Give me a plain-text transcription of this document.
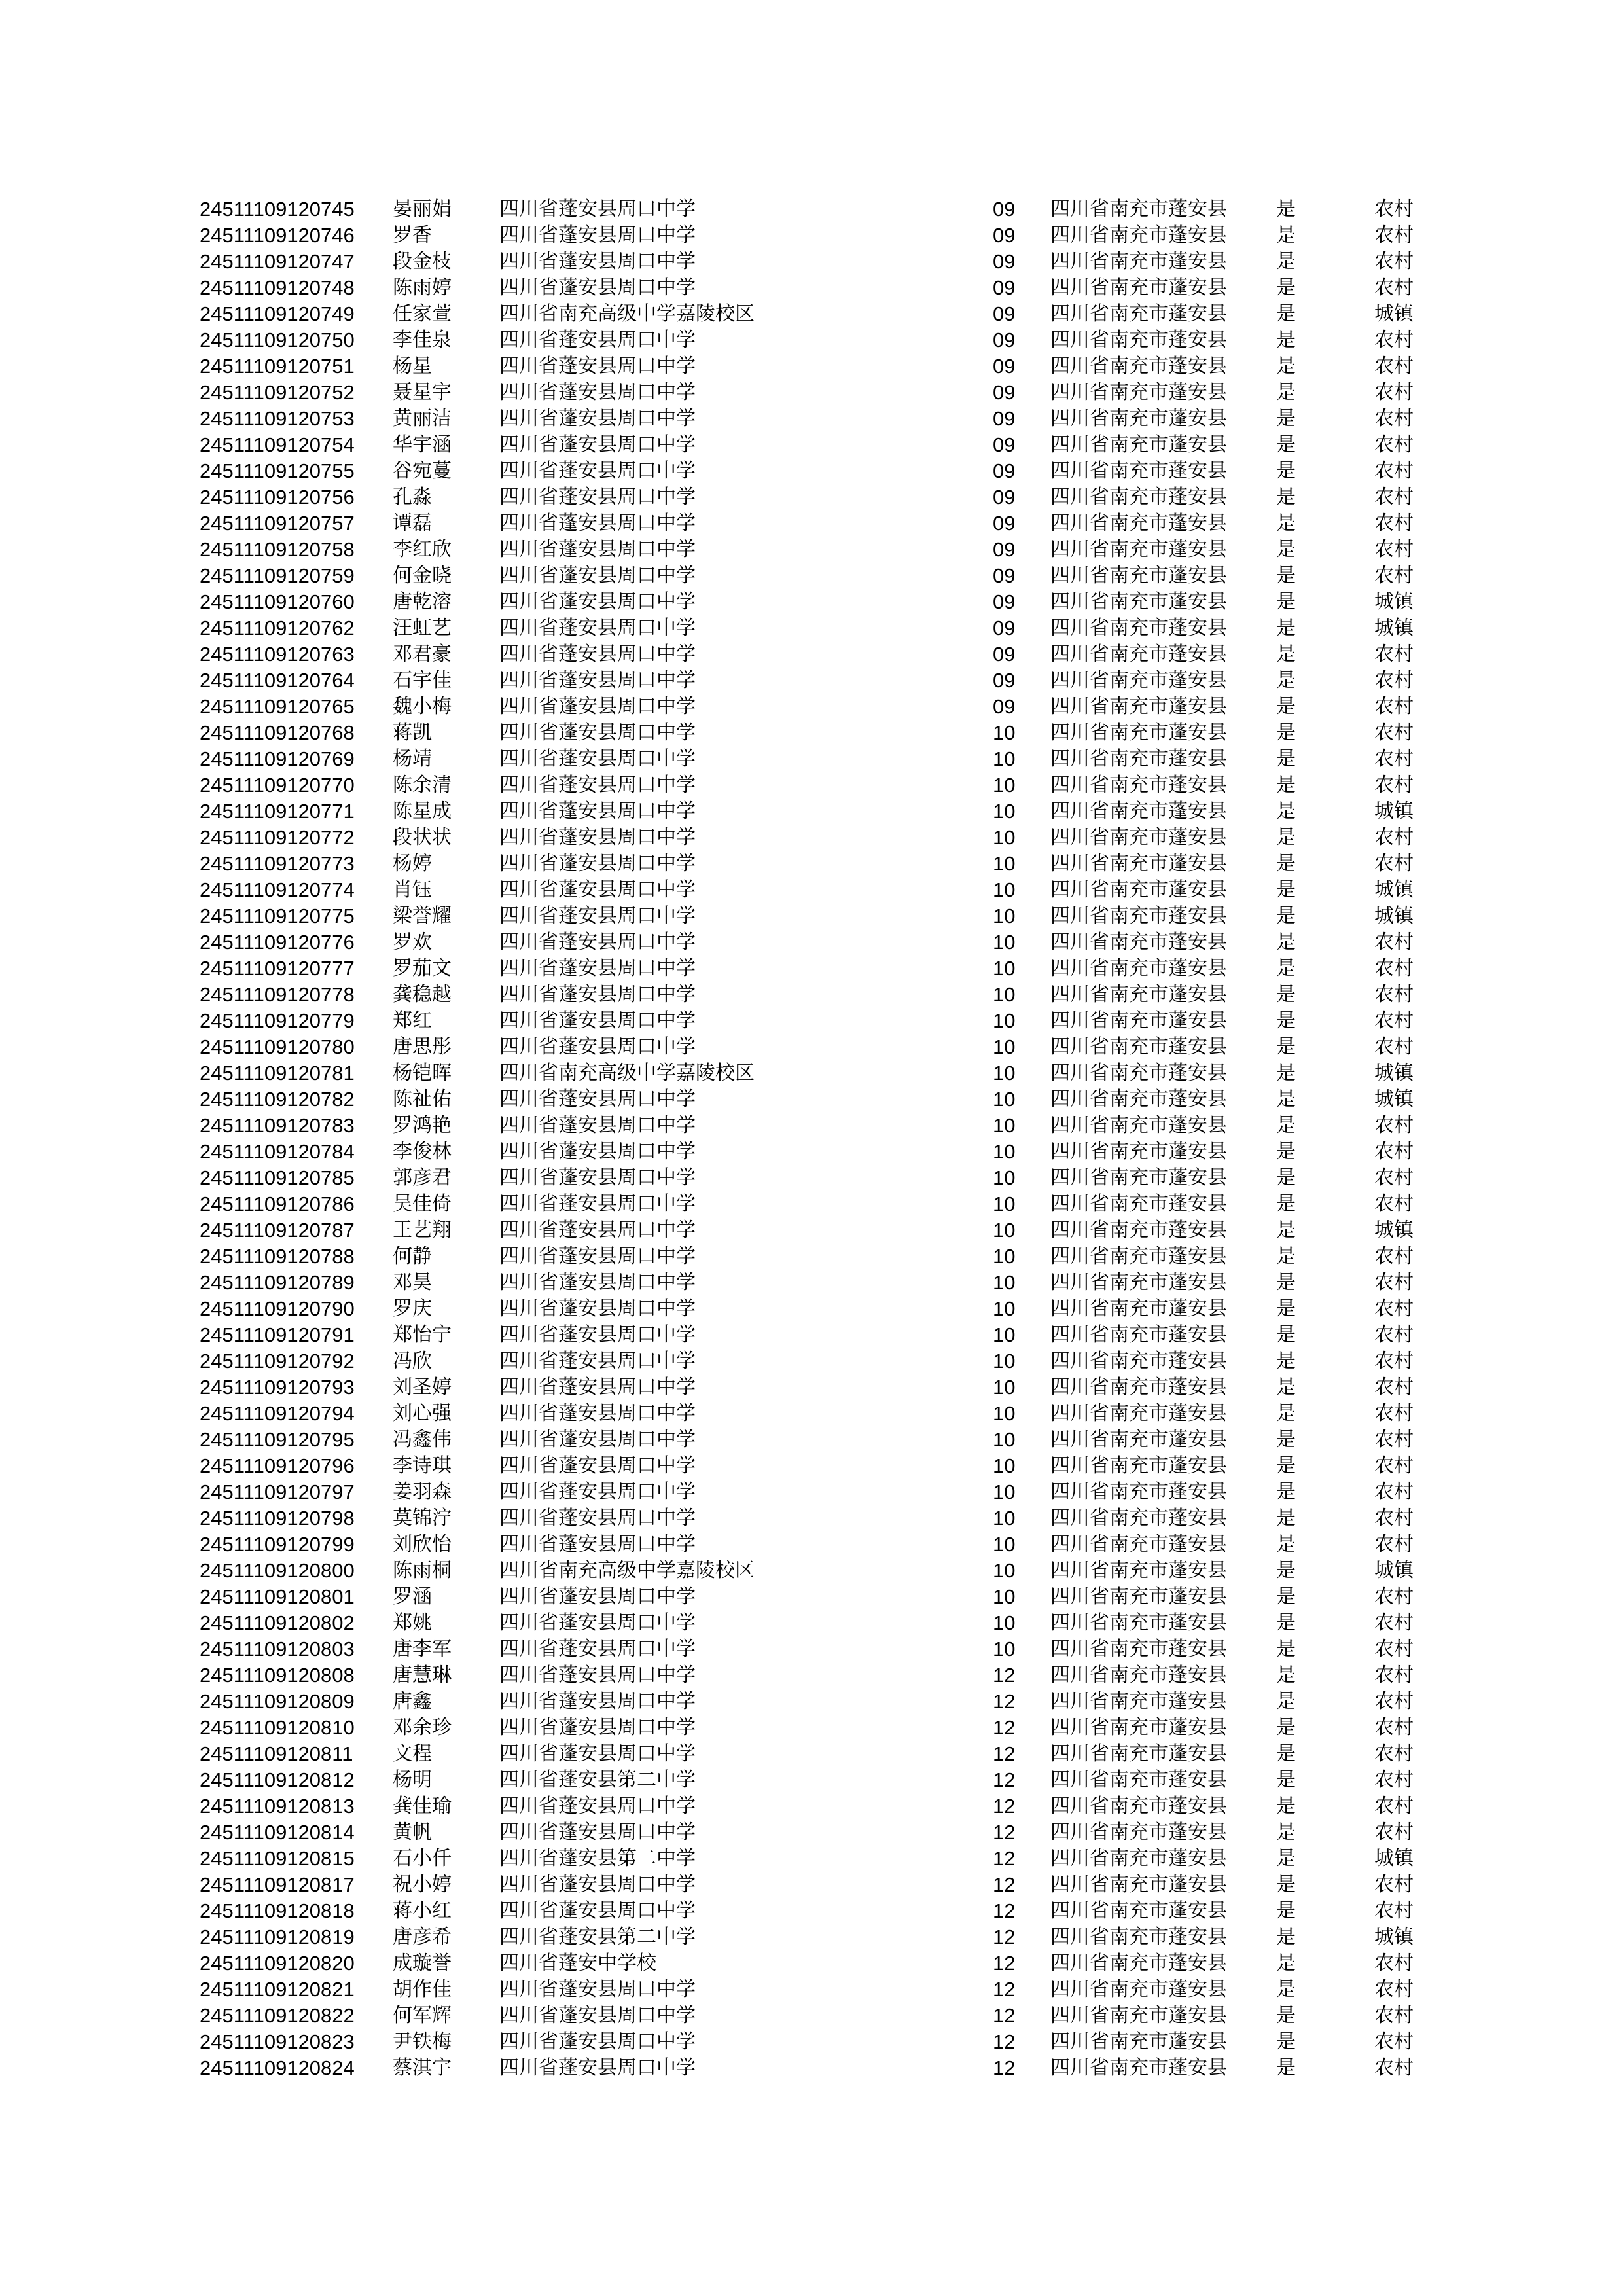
24511109120745 晏丽娟 四川省蓬安县周口中学	09 四川省南充市蓬安县	是	农村
24511109120746 罗香	四川省蓬安县周口中学	09 四川省南充市蓬安县	是	农村
24511109120747 段金枝 四川省蓬安县周口中学	09 四川省南充市蓬安县	是	农村
24511109120748 陈雨婷 四川省蓬安县周口中学	09 四川省南充市蓬安县	是	农村
24511109120749 任家萱 四川省南充高级中学嘉陵校区	09 四川省南充市蓬安县	是	城镇
24511109120750 李佳泉 四川省蓬安县周口中学	09 四川省南充市蓬安县	是	农村
24511109120751 杨星	四川省蓬安县周口中学	09 四川省南充市蓬安县	是	农村
24511109120752 聂星宇 四川省蓬安县周口中学	09 四川省南充市蓬安县	是	农村
24511109120753 黄丽洁 四川省蓬安县周口中学	09 四川省南充市蓬安县	是	农村
24511109120754 华宇涵 四川省蓬安县周口中学	09 四川省南充市蓬安县	是	农村
24511109120755 谷宛蔓 四川省蓬安县周口中学	09 四川省南充市蓬安县	是	农村
24511109120756 孔淼	四川省蓬安县周口中学	09 四川省南充市蓬安县	是	农村
24511109120757 谭磊	四川省蓬安县周口中学	09 四川省南充市蓬安县	是	农村
24511109120758 李红欣 四川省蓬安县周口中学	09 四川省南充市蓬安县	是	农村
24511109120759 何金晓 四川省蓬安县周口中学	09 四川省南充市蓬安县	是	农村
24511109120760 唐乾溶 四川省蓬安县周口中学	09 四川省南充市蓬安县	是	城镇
24511109120762 汪虹艺 四川省蓬安县周口中学	09 四川省南充市蓬安县	是	城镇
24511109120763 邓君豪 四川省蓬安县周口中学	09 四川省南充市蓬安县	是	农村
24511109120764 石宇佳 四川省蓬安县周口中学	09 四川省南充市蓬安县	是	农村
24511109120765 魏小梅 四川省蓬安县周口中学	09 四川省南充市蓬安县	是	农村
24511109120768 蒋凯	四川省蓬安县周口中学	10 四川省南充市蓬安县	是	农村
24511109120769 杨靖	四川省蓬安县周口中学	10 四川省南充市蓬安县	是	农村
24511109120770 陈余清 四川省蓬安县周口中学	10 四川省南充市蓬安县	是	农村
24511109120771 陈星成 四川省蓬安县周口中学	10 四川省南充市蓬安县	是	城镇
24511109120772 段状状 四川省蓬安县周口中学	10 四川省南充市蓬安县	是	农村
24511109120773 杨婷	四川省蓬安县周口中学	10 四川省南充市蓬安县	是	农村
24511109120774 肖钰	四川省蓬安县周口中学	10 四川省南充市蓬安县	是	城镇
24511109120775 梁誉耀 四川省蓬安县周口中学	10 四川省南充市蓬安县	是	城镇
24511109120776 罗欢	四川省蓬安县周口中学	10 四川省南充市蓬安县	是	农村
24511109120777 罗茄文 四川省蓬安县周口中学	10 四川省南充市蓬安县	是	农村
24511109120778 龚稳越 四川省蓬安县周口中学	10 四川省南充市蓬安县	是	农村
24511109120779 郑红	四川省蓬安县周口中学	10 四川省南充市蓬安县	是	农村
24511109120780 唐思彤 四川省蓬安县周口中学	10 四川省南充市蓬安县	是	农村
24511109120781 杨铠晖 四川省南充高级中学嘉陵校区	10 四川省南充市蓬安县	是	城镇
24511109120782 陈祉佑 四川省蓬安县周口中学	10 四川省南充市蓬安县	是	城镇
24511109120783 罗鸿艳 四川省蓬安县周口中学	10 四川省南充市蓬安县	是	农村
24511109120784 李俊林 四川省蓬安县周口中学	10 四川省南充市蓬安县	是	农村
24511109120785 郭彦君 四川省蓬安县周口中学	10 四川省南充市蓬安县	是	农村
24511109120786 吴佳倚 四川省蓬安县周口中学	10 四川省南充市蓬安县	是	农村
24511109120787 王艺翔 四川省蓬安县周口中学	10 四川省南充市蓬安县	是	城镇
24511109120788 何静	四川省蓬安县周口中学	10 四川省南充市蓬安县	是	农村
24511109120789 邓昊	四川省蓬安县周口中学	10 四川省南充市蓬安县	是	农村
24511109120790 罗庆	四川省蓬安县周口中学	10 四川省南充市蓬安县	是	农村
24511109120791 郑怡宁 四川省蓬安县周口中学	10 四川省南充市蓬安县	是	农村
24511109120792 冯欣	四川省蓬安县周口中学	10 四川省南充市蓬安县	是	农村
24511109120793 刘圣婷 四川省蓬安县周口中学	10 四川省南充市蓬安县	是	农村
24511109120794 刘心强 四川省蓬安县周口中学	10 四川省南充市蓬安县	是	农村
24511109120795 冯鑫伟 四川省蓬安县周口中学	10 四川省南充市蓬安县	是	农村
24511109120796 李诗琪 四川省蓬安县周口中学	10 四川省南充市蓬安县	是	农村
24511109120797 姜羽森 四川省蓬安县周口中学	10 四川省南充市蓬安县	是	农村
24511109120798 莫锦泞 四川省蓬安县周口中学	10 四川省南充市蓬安县	是	农村
24511109120799 刘欣怡 四川省蓬安县周口中学	10 四川省南充市蓬安县	是	农村
24511109120800 陈雨桐 四川省南充高级中学嘉陵校区	10 四川省南充市蓬安县	是	城镇
24511109120801 罗涵	四川省蓬安县周口中学	10 四川省南充市蓬安县	是	农村
24511109120802 郑姚	四川省蓬安县周口中学	10 四川省南充市蓬安县	是	农村
24511109120803 唐李军 四川省蓬安县周口中学	10 四川省南充市蓬安县	是	农村
24511109120808 唐慧琳 四川省蓬安县周口中学	12 四川省南充市蓬安县	是	农村
24511109120809 唐鑫	四川省蓬安县周口中学	12 四川省南充市蓬安县	是	农村
24511109120810 邓余珍 四川省蓬安县周口中学	12 四川省南充市蓬安县	是	农村
24511109120811 文程	四川省蓬安县周口中学	12 四川省南充市蓬安县	是	农村
24511109120812 杨明	四川省蓬安县第二中学	12 四川省南充市蓬安县	是	农村
24511109120813 龚佳瑜 四川省蓬安县周口中学	12 四川省南充市蓬安县	是	农村
24511109120814 黄帆	四川省蓬安县周口中学	12 四川省南充市蓬安县	是	农村
24511109120815 石小仟 四川省蓬安县第二中学	12 四川省南充市蓬安县	是	城镇
24511109120817 祝小婷 四川省蓬安县周口中学	12 四川省南充市蓬安县	是	农村
24511109120818 蒋小红 四川省蓬安县周口中学	12 四川省南充市蓬安县	是	农村
24511109120819 唐彦希 四川省蓬安县第二中学	12 四川省南充市蓬安县	是	城镇
24511109120820 成璇誉 四川省蓬安中学校	12 四川省南充市蓬安县	是	农村
24511109120821 胡作佳 四川省蓬安县周口中学	12 四川省南充市蓬安县	是	农村
24511109120822 何军辉 四川省蓬安县周口中学	12 四川省南充市蓬安县	是	农村
24511109120823 尹铁梅 四川省蓬安县周口中学	12 四川省南充市蓬安县	是	农村
24511109120824 蔡淇宇 四川省蓬安县周口中学	12 四川省南充市蓬安县	是	农村
